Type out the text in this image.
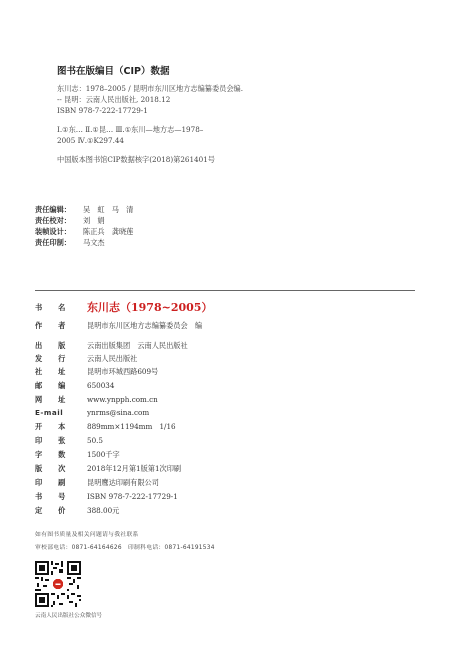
图书在版编目（CIP）数据
东川志：1978–2005 / 昆明市东川区地方志编纂委员会编.
-- 昆明：云南人民出版社, 2018.12
ISBN 978-7-222-17729-1
Ⅰ.①东… Ⅱ.①昆… Ⅲ.①东川—地方志—1978–
2005 Ⅳ.①K297.44
中国版本图书馆CIP数据核字(2018)第261401号
责任编辑： 吴　虹　马　清
责任校对： 刘　娟
装帧设计： 陈正兵　龚晓莲
责任印制： 马文杰
书　　名 东川志（1978~2005）
作　　者	昆明市东川区地方志编纂委员会　编
出　　版	云南出版集团　云南人民出版社
发　　行	云南人民出版社
社　　址	昆明市环城西路609号
邮　　编	650034
网　　址	www.ynpph.com.cn
E-mail	ynrms@sina.com
开　　本	889mm×1194mm　1/16
印　　张	50.5
字　　数	1500千字
版　　次	2018年12月第1版第1次印刷
印　　刷	昆明鹰达印刷有限公司
书　　号	ISBN 978-7-222-17729-1
定　　价	388.00元
如有图书质量及相关问题请与我社联系
审校部电话：0871-64164626　印制科电话：0871-64191534
云南人民出版社公众微信号
